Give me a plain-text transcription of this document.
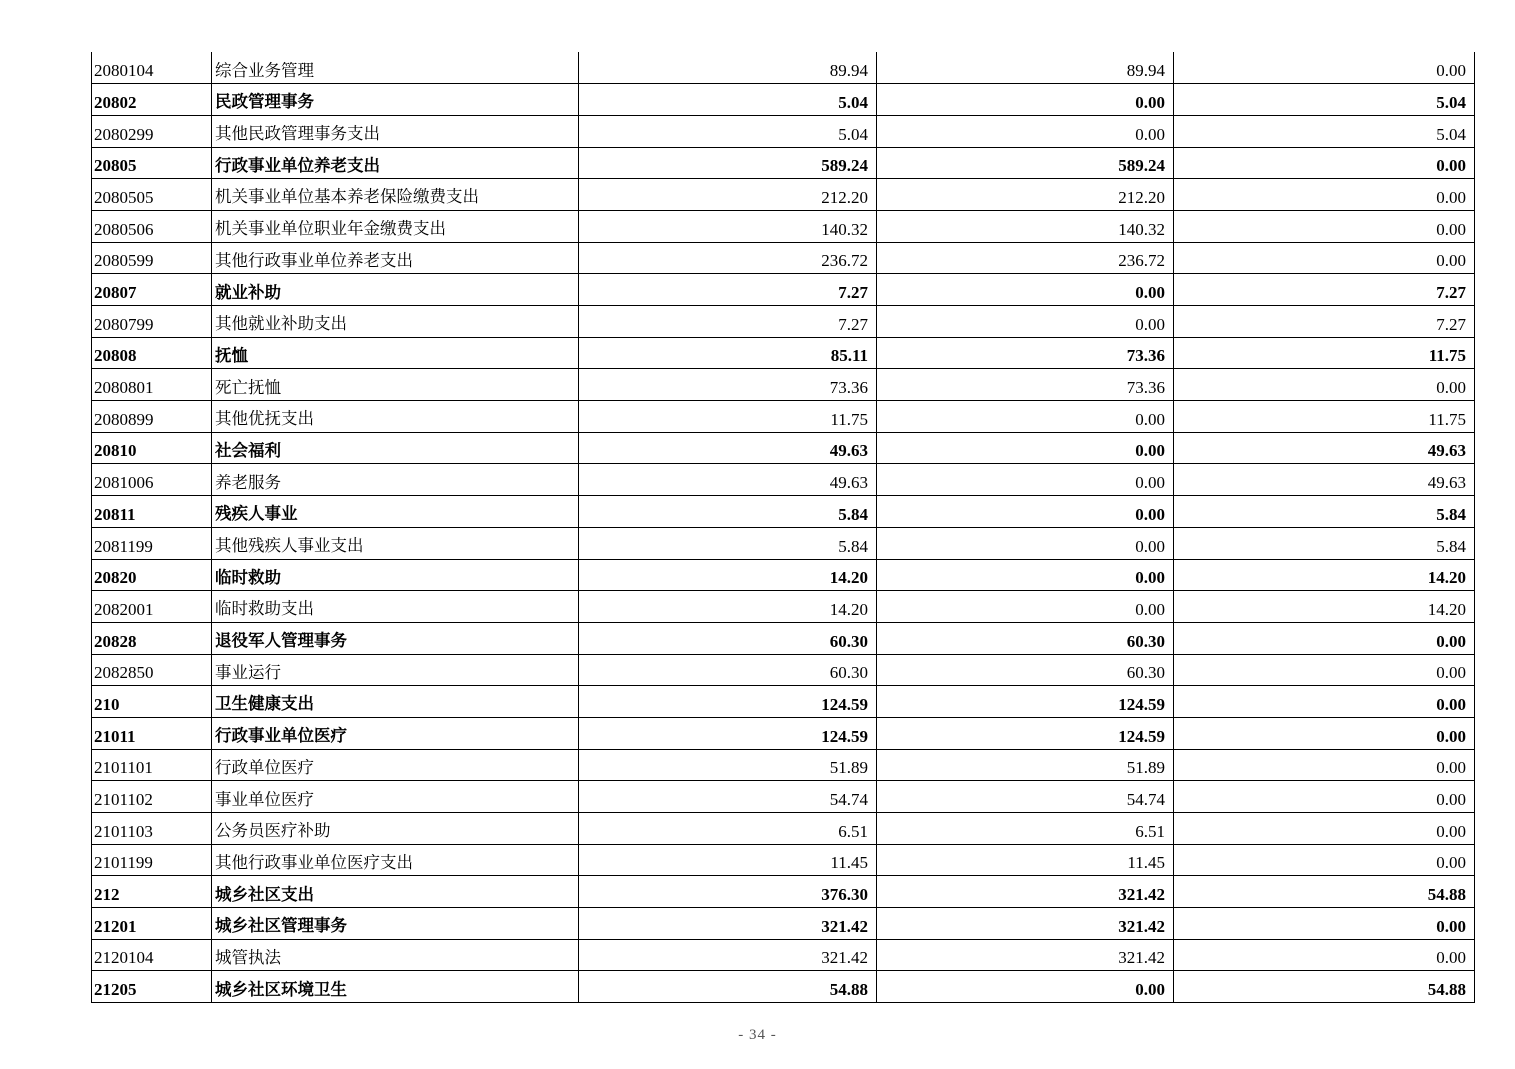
2080104	综合业务管理	89.94	89.94	0.00
20802	民政管理事务	5.04	0.00	5.04
2080299	其他民政管理事务支出	5.04	0.00	5.04
20805	行政事业单位养老支出	589.24	589.24	0.00
2080505	机关事业单位基本养老保险缴费支出	212.20	212.20	0.00
2080506	机关事业单位职业年金缴费支出	140.32	140.32	0.00
2080599	其他行政事业单位养老支出	236.72	236.72	0.00
20807	就业补助	7.27	0.00	7.27
2080799	其他就业补助支出	7.27	0.00	7.27
20808	抚恤	85.11	73.36	11.75
2080801	死亡抚恤	73.36	73.36	0.00
2080899	其他优抚支出	11.75	0.00	11.75
20810	社会福利	49.63	0.00	49.63
2081006	养老服务	49.63	0.00	49.63
20811	残疾人事业	5.84	0.00	5.84
2081199	其他残疾人事业支出	5.84	0.00	5.84
20820	临时救助	14.20	0.00	14.20
2082001	临时救助支出	14.20	0.00	14.20
20828	退役军人管理事务	60.30	60.30	0.00
2082850	事业运行	60.30	60.30	0.00
210	卫生健康支出	124.59	124.59	0.00
21011	行政事业单位医疗	124.59	124.59	0.00
2101101	行政单位医疗	51.89	51.89	0.00
2101102	事业单位医疗	54.74	54.74	0.00
2101103	公务员医疗补助	6.51	6.51	0.00
2101199	其他行政事业单位医疗支出	11.45	11.45	0.00
212	城乡社区支出	376.30	321.42	54.88
21201	城乡社区管理事务	321.42	321.42	0.00
2120104	城管执法	321.42	321.42	0.00
21205	城乡社区环境卫生	54.88	0.00	54.88
- 34 -
